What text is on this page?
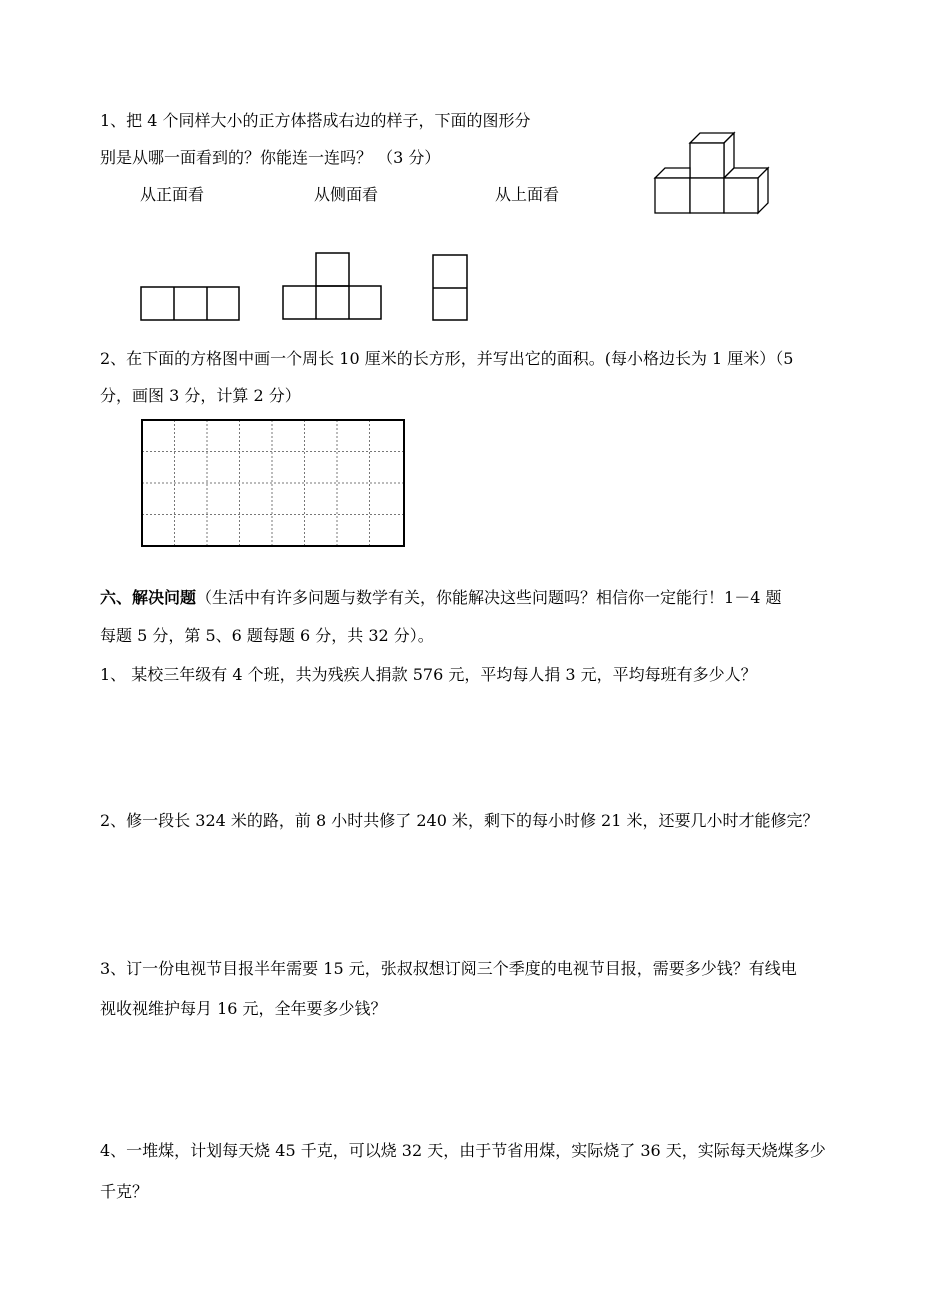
1、把 4 个同样大小的正方体搭成右边的样子，下面的图形分
别是从哪一面看到的？你能连一连吗？ （3 分）
从正面看	从侧面看	从上面看
2、在下面的方格图中画一个周长 10 厘米的长方形，并写出它的面积。(每小格边长为 1 厘米）（5
分，画图 3 分，计算 2 分）
六、解决问题（生活中有许多问题与数学有关，你能解决这些问题吗？相信你一定能行！1－4 题
每题 5 分，第 5、6 题每题 6 分，共 32 分）。
1、 某校三年级有 4 个班，共为残疾人捐款 576 元，平均每人捐 3 元，平均每班有多少人？
2、修一段长 324 米的路，前 8 小时共修了 240 米，剩下的每小时修 21 米，还要几小时才能修完？
3、订一份电视节目报半年需要 15 元，张叔叔想订阅三个季度的电视节目报，需要多少钱？有线电
视收视维护每月 16 元，全年要多少钱？
4、一堆煤，计划每天烧 45 千克，可以烧 32 天，由于节省用煤，实际烧了 36 天，实际每天烧煤多少
千克？
